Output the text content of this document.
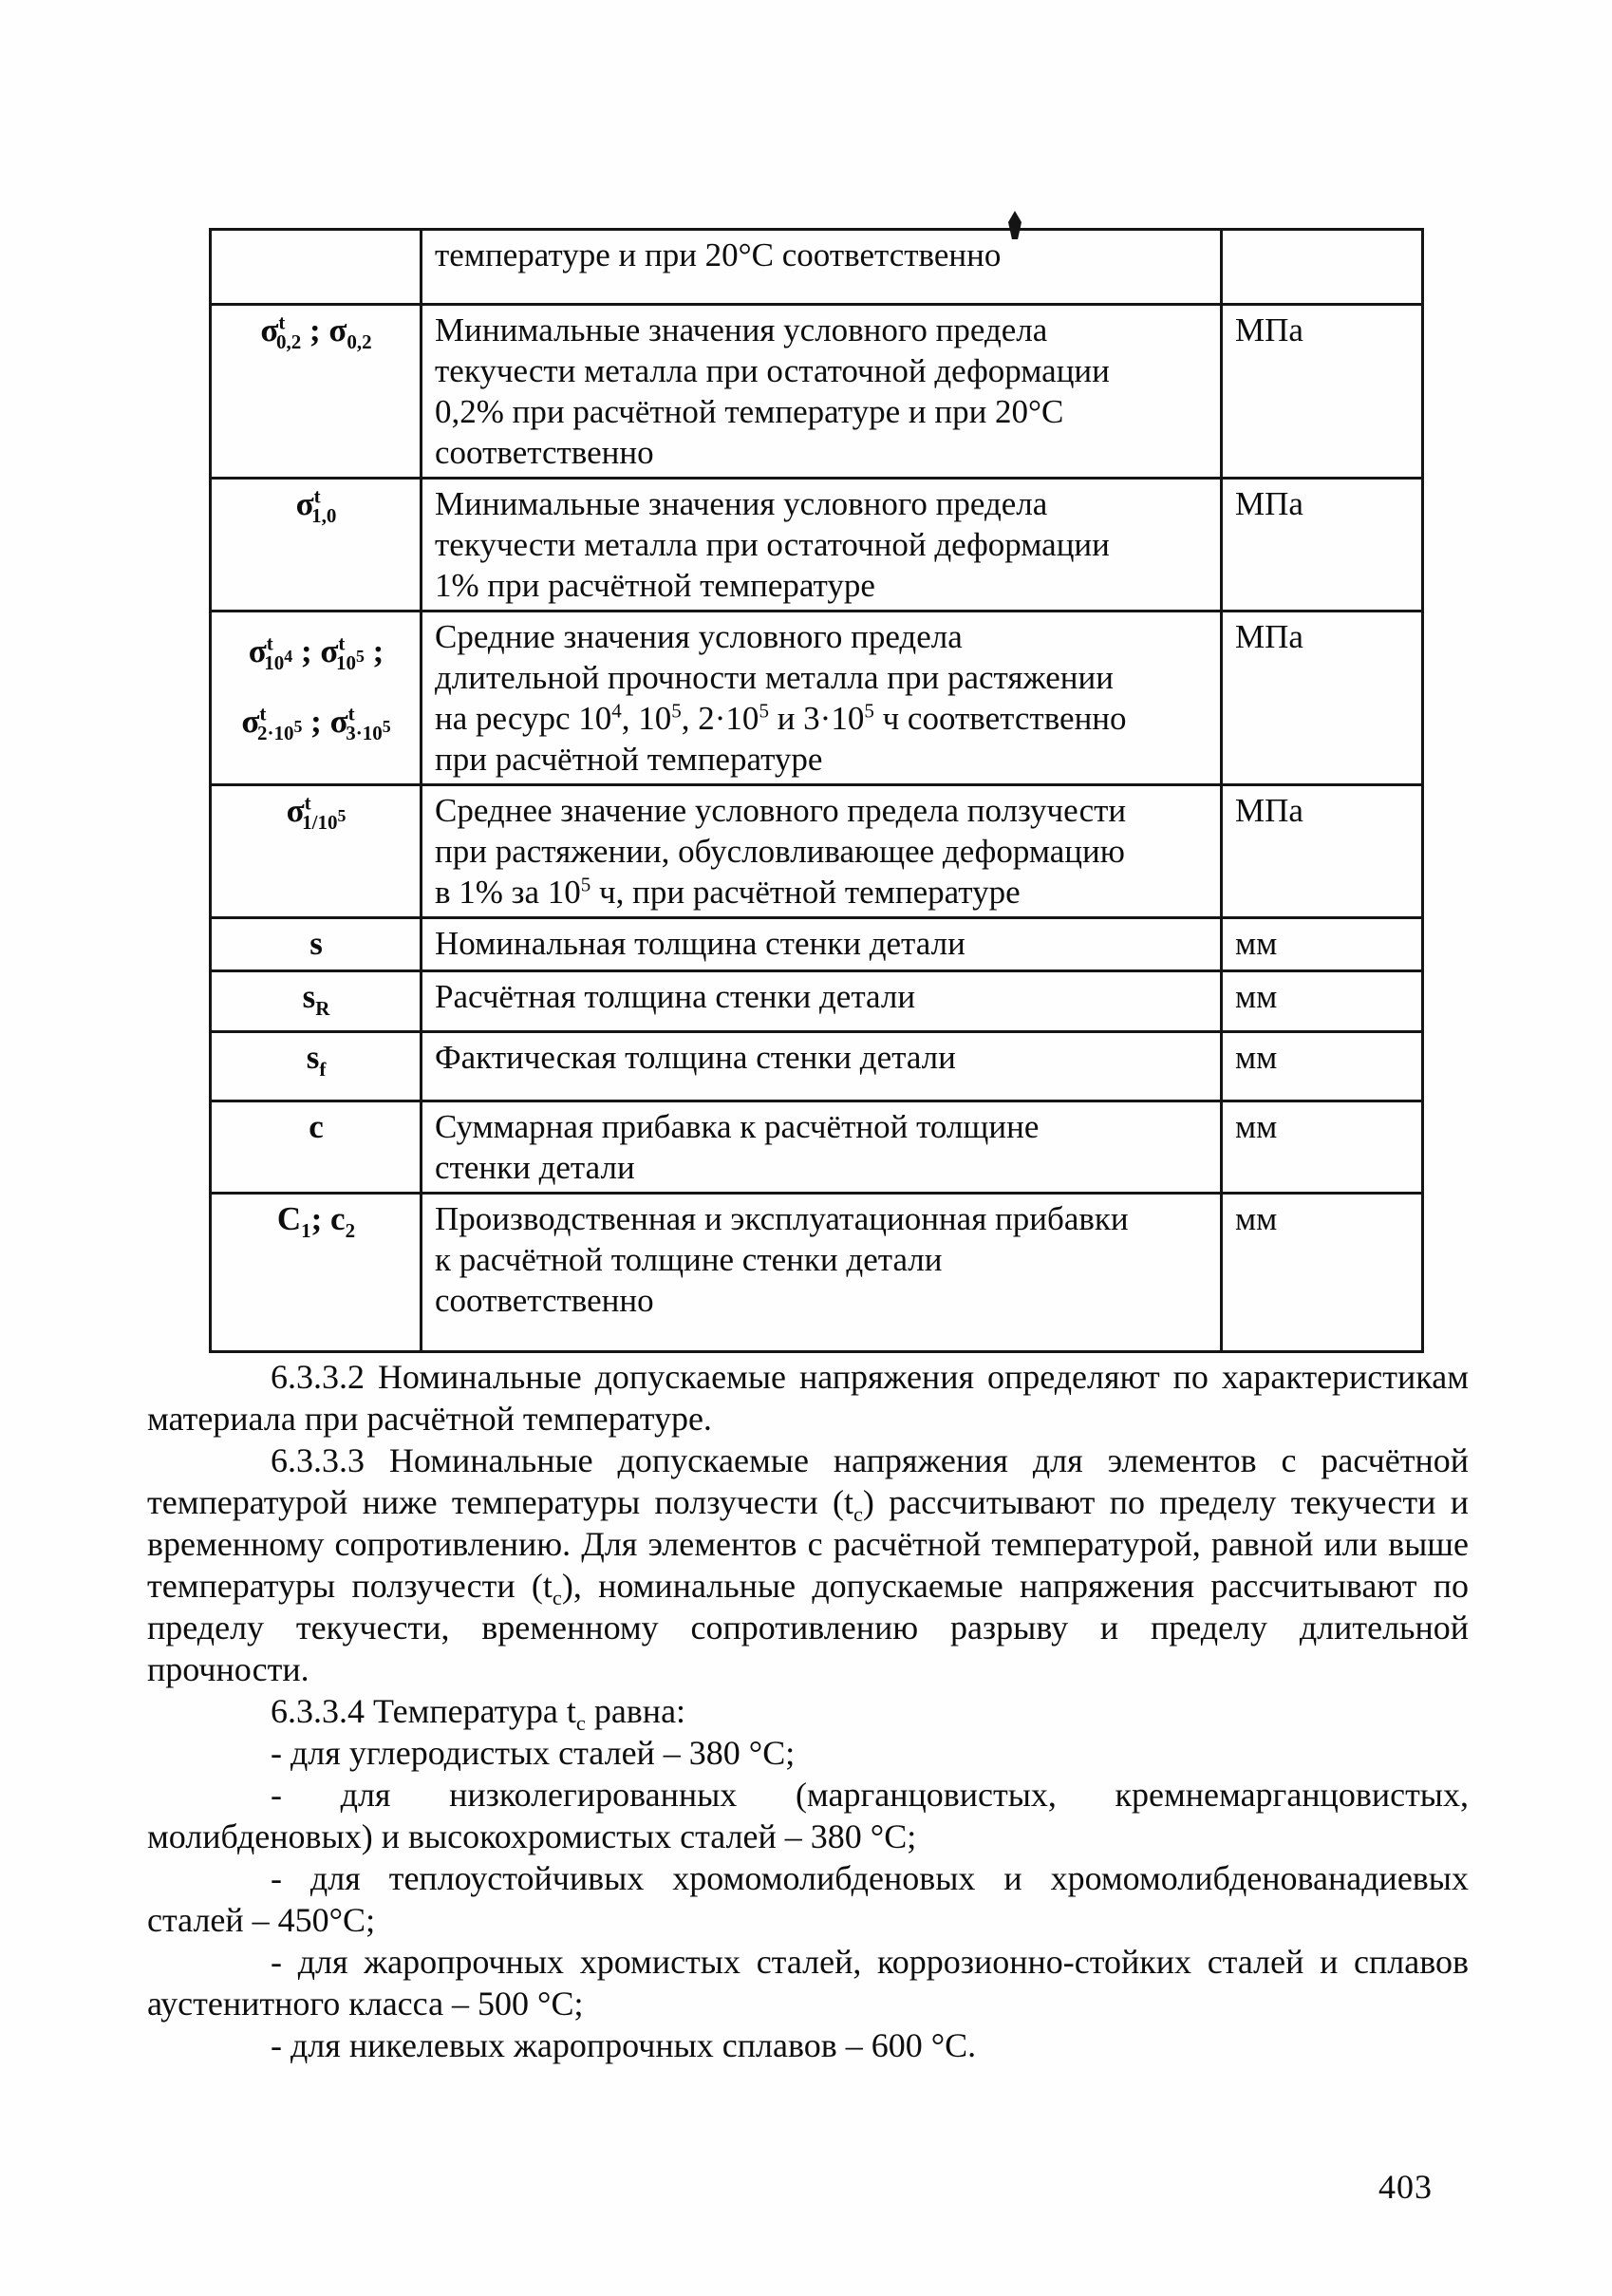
	температуре и при 20°С соответственно	
$\sigma^t_{0,2}$ ; $\sigma_{0,2}$	Минимальные значения условного предела
текучести металла при остаточной деформации
0,2% при расчётной температуре и при 20°С
соответственно	МПа
$\sigma^t_{1,0}$	Минимальные значения условного предела
текучести металла при остаточной деформации
1% при расчётной температуре	МПа
$\sigma^t_{10^4}$ ; $\sigma^t_{10^5}$ ;
$\sigma^t_{2\cdot 10^5}$ ; $\sigma^t_{3\cdot 10^5}$	Средние значения условного предела
длительной прочности металла при растяжении
на ресурс $10^4$, $10^5$, $2\cdot 10^5$ и $3\cdot 10^5$ ч соответственно
при расчётной температуре	МПа
$\sigma^t_{1/10^5}$	Среднее значение условного предела ползучести
при растяжении, обусловливающее деформацию
в 1% за $10^5$ ч, при расчётной температуре	МПа
s	Номинальная толщина стенки детали	мм
$s_R$	Расчётная толщина стенки детали	мм
$s_f$	Фактическая толщина стенки детали	мм
c	Суммарная прибавка к расчётной толщине
стенки детали	мм
$C_1$; $c_2$	Производственная и эксплуатационная прибавки
к расчётной толщине стенки детали
соответственно	мм

6.3.3.2 Номинальные допускаемые напряжения определяют по характеристикам материала при расчётной температуре.

6.3.3.3 Номинальные допускаемые напряжения для элементов с расчётной температурой ниже температуры ползучести $(t_c)$ рассчитывают по пределу текучести и временному сопротивлению. Для элементов с расчётной температурой, равной или выше температуры ползучести $(t_c)$, номинальные допускаемые напряжения рассчитывают по пределу текучести, временному сопротивлению разрыву и пределу длительной прочности.

6.3.3.4 Температура $t_c$ равна:

- для углеродистых сталей – 380 °С;

- для низколегированных (марганцовистых, кремнемарганцовистых, молибденовых) и высокохромистых сталей – 380 °С;

- для теплоустойчивых хромомолибденовых и хромомолибденованадиевых сталей – 450°С;

- для жаропрочных хромистых сталей, коррозионно-стойких сталей и сплавов аустенитного класса – 500 °С;

- для никелевых жаропрочных сплавов – 600 °С.

403
